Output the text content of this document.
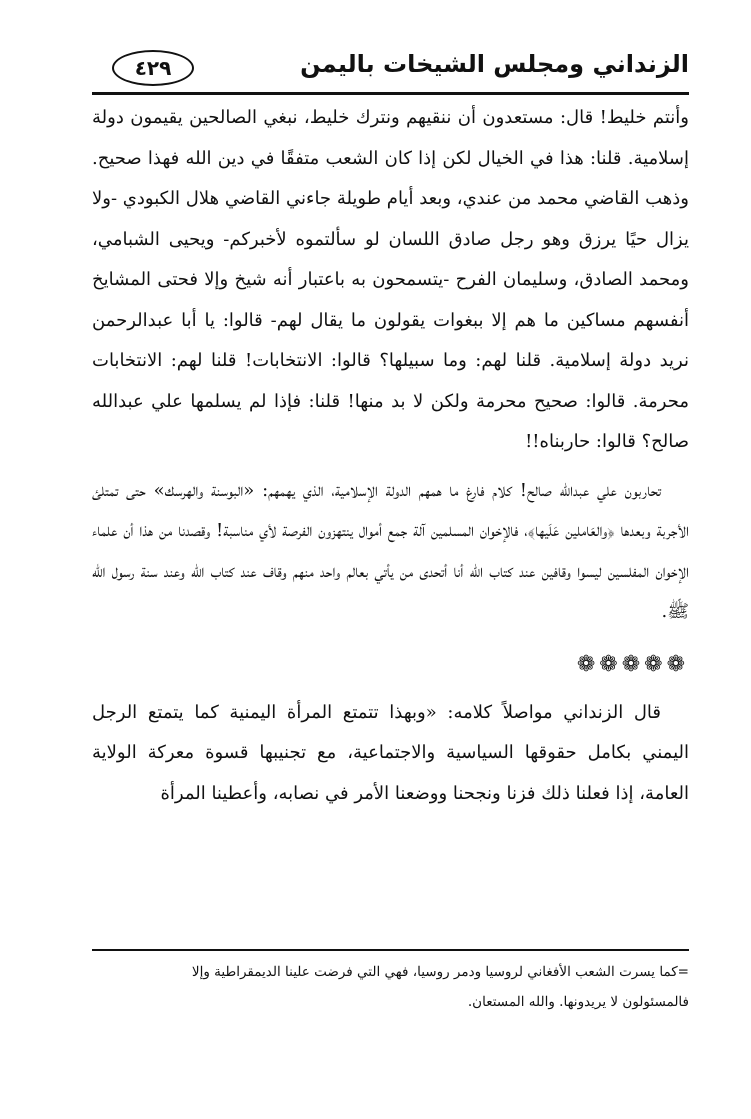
الزنداني ومجلس الشيخات باليمن
٤٢٩

وأنتم خليط! قال: مستعدون أن ننقيهم ونترك خليط، نبغي الصالحين يقيمون دولة إسلامية. قلنا: هذا في الخيال لكن إذا كان الشعب متفقًا في دين الله فهذا صحيح. وذهب القاضي محمد من عندي، وبعد أيام طويلة جاءني القاضي هلال الكبودي -ولا يزال حيًا يرزق وهو رجل صادق اللسان لو سألتموه لأخبركم- ويحيى الشبامي، ومحمد الصادق، وسليمان الفرح -يتسمحون به باعتبار أنه شيخ وإلا فحتى المشايخ أنفسهم مساكين ما هم إلا ببغوات يقولون ما يقال لهم- قالوا: يا أبا عبدالرحمن نريد دولة إسلامية. قلنا لهم: وما سبيلها؟ قالوا: الانتخابات! قلنا لهم: الانتخابات محرمة. قالوا: صحيح محرمة ولكن لا بد منها! قلنا: فإذا لم يسلمها علي عبدالله صالح؟ قالوا: حاربناه!!

تحاربون علي عبدالله صالح! كلام فارغ ما همهم الدولة الإسلامية، الذي يهمهم: «البوسنة والهرسك» حتى تمتلئ الأجربة وبعدها ﴿والعَاملين عَلَيها﴾، فالإخوان المسلمين آلة جمع أموال ينتهزون الفرصة لأي مناسبة! وقصدنا من هذا أن علماء الإخوان المفلسين ليسوا وقافين عند كتاب الله أنا أتحدى من يأتي بعالم واحد منهم وقاف عند كتاب الله وعند سنة رسول الله ﷺ.

❁❁❁❁❁

قال الزنداني مواصلاً كلامه: «وبهذا تتمتع المرأة اليمنية كما يتمتع الرجل اليمني بكامل حقوقها السياسية والاجتماعية، مع تجنيبها قسوة معركة الولاية العامة، إذا فعلنا ذلك فزنا ونجحنا ووضعنا الأمر في نصابه، وأعطينا المرأة

=كما يسرت الشعب الأفغاني لروسيا ودمر روسيا، فهي التي فرضت علينا الديمقراطية وإلا

فالمسئولون لا يريدونها. والله المستعان.
